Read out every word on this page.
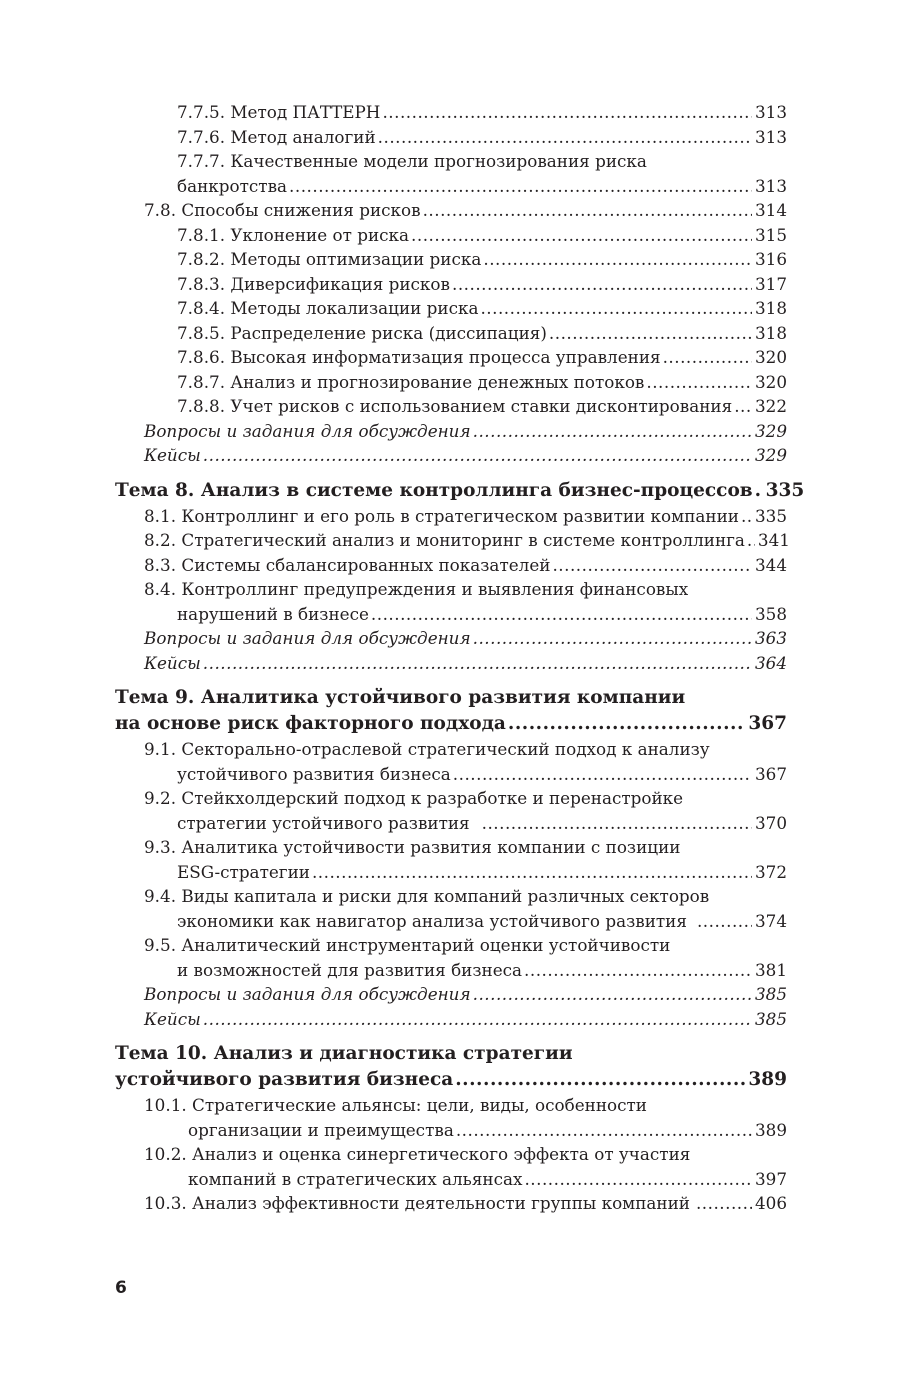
7.7.5. Метод ПАТТЕРН .....	313
7.7.6. Метод аналогий .....	313
7.7.7. Качественные модели прогнозирования риска
банкротства .....	313
7.8. Способы снижения рисков .....	314
7.8.1. Уклонение от риска .....	315
7.8.2. Методы оптимизации риска .....	316
7.8.3. Диверсификация рисков .....	317
7.8.4. Методы локализации риска .....	318
7.8.5. Распределение риска (диссипация) .....	318
7.8.6. Высокая информатизация процесса управления .....	320
7.8.7. Анализ и прогнозирование денежных потоков .....	320
7.8.8. Учет рисков с использованием ставки дисконтирования ..... 322
Вопросы и задания для обсуждения .....	329
Кейсы .....	329
Тема 8. Анализ в системе контроллинга бизнес-процессов ..... 335
8.1. Контроллинг и его роль в стратегическом развитии компании ..... 335
8.2. Стратегический анализ и мониторинг в системе контроллинга ..... 341
8.3. Системы сбалансированных показателей .....	344
8.4. Контроллинг предупреждения и выявления финансовых
нарушений в бизнесе .....	358
Вопросы и задания для обсуждения .....	363
Кейсы .....	364
Тема 9. Аналитика устойчивого развития компании
на основе риск факторного подхода .....	367
9.1. Секторально-отраслевой стратегический подход к анализу
устойчивого развития бизнеса .....	367
9.2. Стейкхолдерский подход к разработке и перенастройке
стратегии устойчивого развития .....	370
9.3. Аналитика устойчивости развития компании с позиции
ESG-стратегии .....	372
9.4. Виды капитала и риски для компаний различных секторов
экономики как навигатор анализа устойчивого развития .....	374
9.5. Аналитический инструментарий оценки устойчивости
и возможностей для развития бизнеса .....	381
Вопросы и задания для обсуждения .....	385
Кейсы .....	385
Тема 10. Анализ и диагностика стратегии
устойчивого развития бизнеса .....	389
10.1. Стратегические альянсы: цели, виды, особенности
организации и преимущества .....	389
10.2. Анализ и оценка синергетического эффекта от участия
компаний в стратегических альянсах .....	397
10.3. Анализ эффективности деятельности группы компаний .....	406
6
